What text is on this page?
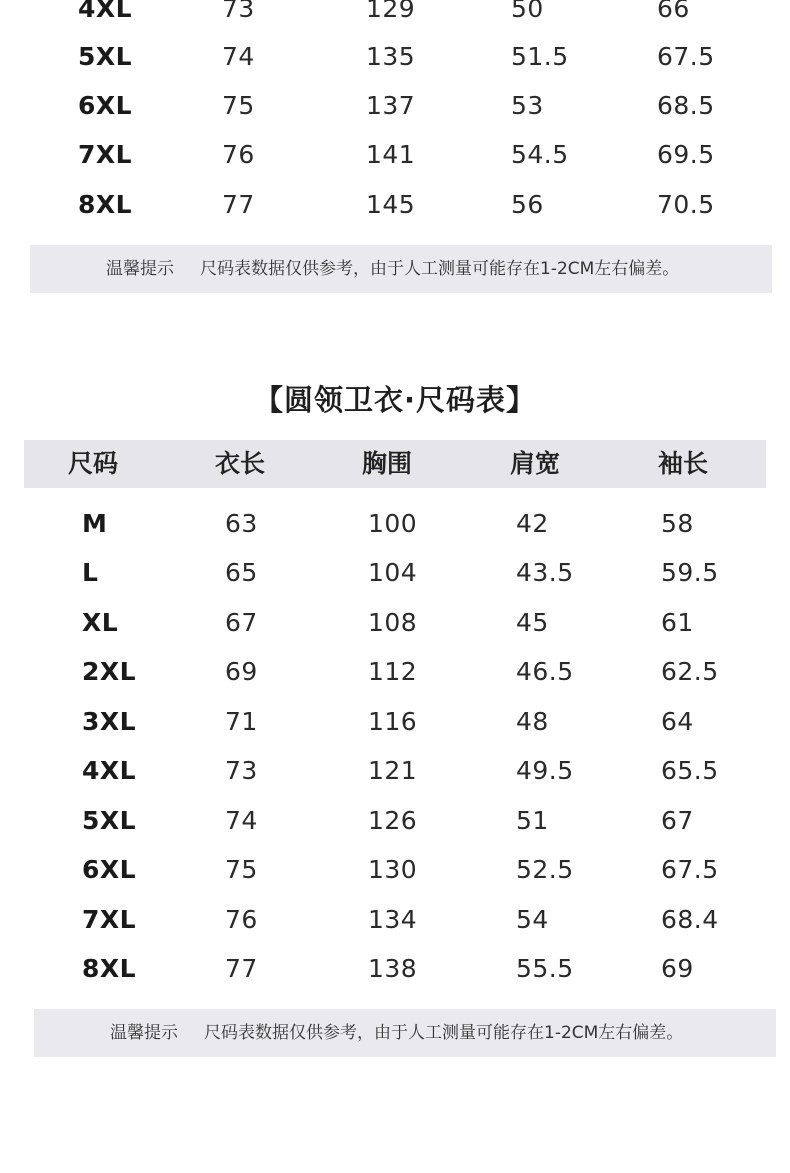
4XL	73	129	50	66
5XL	74	135	51.5	67.5
6XL	75	137	53	68.5
7XL	76	141	54.5	69.5
8XL	77	145	56	70.5
温馨提示 尺码表数据仅供参考，由于人工测量可能存在1-2CM左右偏差。
【圆领卫衣·尺码表】
尺码	衣长	胸围	肩宽	袖长
M	63	100	42	58
L	65	104	43.5	59.5
XL	67	108	45	61
2XL	69	112	46.5	62.5
3XL	71	116	48	64
4XL	73	121	49.5	65.5
5XL	74	126	51	67
6XL	75	130	52.5	67.5
7XL	76	134	54	68.4
8XL	77	138	55.5	69
温馨提示 尺码表数据仅供参考，由于人工测量可能存在1-2CM左右偏差。
